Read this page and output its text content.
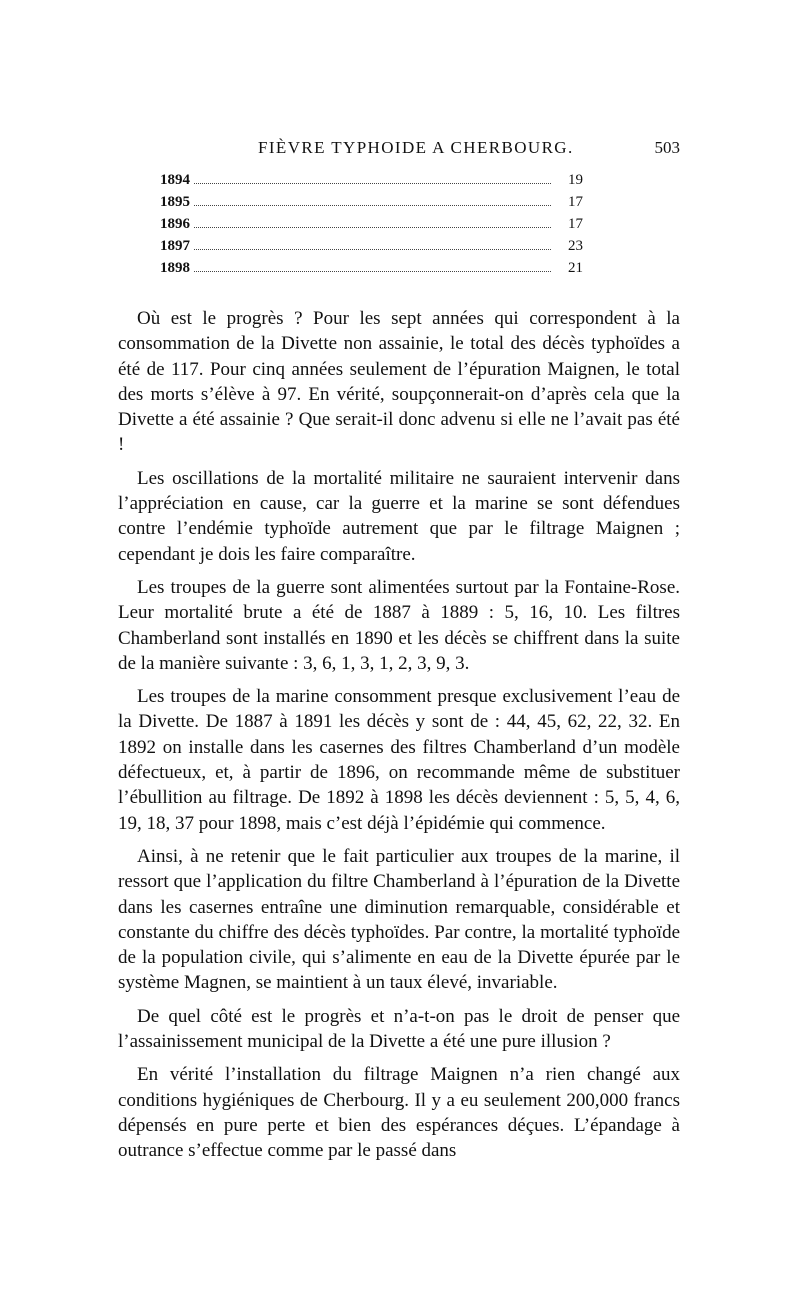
FIÈVRE TYPHOIDE A CHERBOURG.	503
1894	19
1895	17
1896	17
1897	23
1898	21

Où est le progrès ? Pour les sept années qui correspondent à la consommation de la Divette non assainie, le total des décès typhoïdes a été de 117. Pour cinq années seulement de l’épuration Maignen, le total des morts s’élève à 97. En vérité, soupçonnerait-on d’après cela que la Divette a été assainie ? Que serait-il donc advenu si elle ne l’avait pas été !

Les oscillations de la mortalité militaire ne sauraient intervenir dans l’appréciation en cause, car la guerre et la marine se sont défendues contre l’endémie typhoïde autrement que par le filtrage Maignen ; cependant je dois les faire comparaître.

Les troupes de la guerre sont alimentées surtout par la Fontaine-Rose. Leur mortalité brute a été de 1887 à 1889 : 5, 16, 10. Les filtres Chamberland sont installés en 1890 et les décès se chiffrent dans la suite de la manière suivante : 3, 6, 1, 3, 1, 2, 3, 9, 3.

Les troupes de la marine consomment presque exclusivement l’eau de la Divette. De 1887 à 1891 les décès y sont de : 44, 45, 62, 22, 32. En 1892 on installe dans les casernes des filtres Chamberland d’un modèle défectueux, et, à partir de 1896, on recommande même de substituer l’ébullition au filtrage. De 1892 à 1898 les décès deviennent : 5, 5, 4, 6, 19, 18, 37 pour 1898, mais c’est déjà l’épidémie qui commence.

Ainsi, à ne retenir que le fait particulier aux troupes de la marine, il ressort que l’application du filtre Chamberland à l’épuration de la Divette dans les casernes entraîne une diminution remarquable, considérable et constante du chiffre des décès typhoïdes. Par contre, la mortalité typhoïde de la population civile, qui s’alimente en eau de la Divette épurée par le système Magnen, se maintient à un taux élevé, invariable.

De quel côté est le progrès et n’a-t-on pas le droit de penser que l’assainissement municipal de la Divette a été une pure illusion ?

En vérité l’installation du filtrage Maignen n’a rien changé aux conditions hygiéniques de Cherbourg. Il y a eu seulement 200,000 francs dépensés en pure perte et bien des espérances déçues. L’épandage à outrance s’effectue comme par le passé dans
